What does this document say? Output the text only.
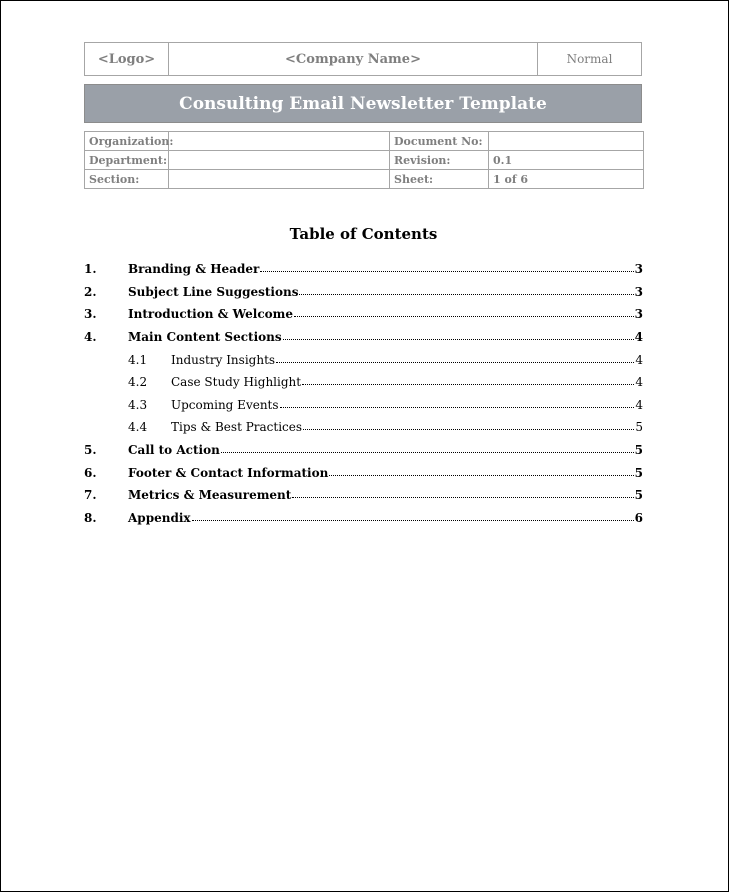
<Logo>	<Company Name>	Normal
Consulting Email Newsletter Template
Organization:		Document No:	
Department:		Revision:	0.1
Section:		Sheet:	1 of 6
Table of Contents
1.	Branding & Header	3
2.	Subject Line Suggestions	3
3.	Introduction & Welcome	3
4.	Main Content Sections	4
4.1	Industry Insights	4
4.2	Case Study Highlight	4
4.3	Upcoming Events	4
4.4	Tips & Best Practices	5
5.	Call to Action	5
6.	Footer & Contact Information	5
7.	Metrics & Measurement	5
8.	Appendix	6
